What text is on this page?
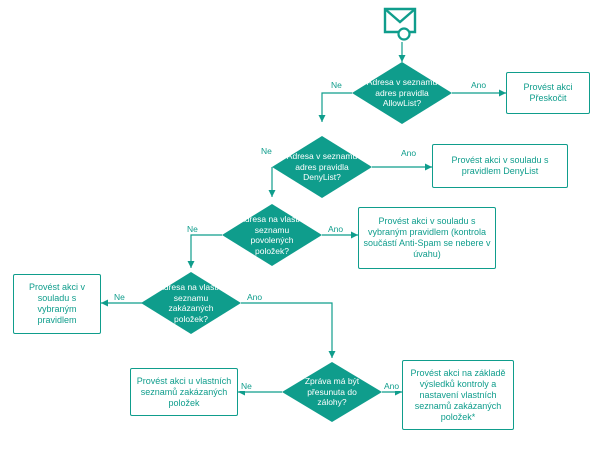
Adresa v seznamu adres pravidla AllowList?
Adresa v seznamu adres pravidla DenyList?
Adresa na vlastní seznamu povolených položek?
Adresa na vlastní seznamu zakázaných položek?
Zpráva má být přesunuta do zálohy?
Provést akci Přeskočit
Provést akci v souladu s pravidlem DenyList
Provést akci v souladu s vybraným pravidlem (kontrola součástí Anti-Spam se nebere v úvahu)
Provést akci v souladu s vybraným pravidlem
Provést akci u vlastních seznamů zakázaných položek
Provést akci na základě výsledků kontroly a nastavení vlastních seznamů zakázaných položek*
Ne	Ano
Ne	Ano
Ne	Ano
Ne	Ano
Ne	Ano
